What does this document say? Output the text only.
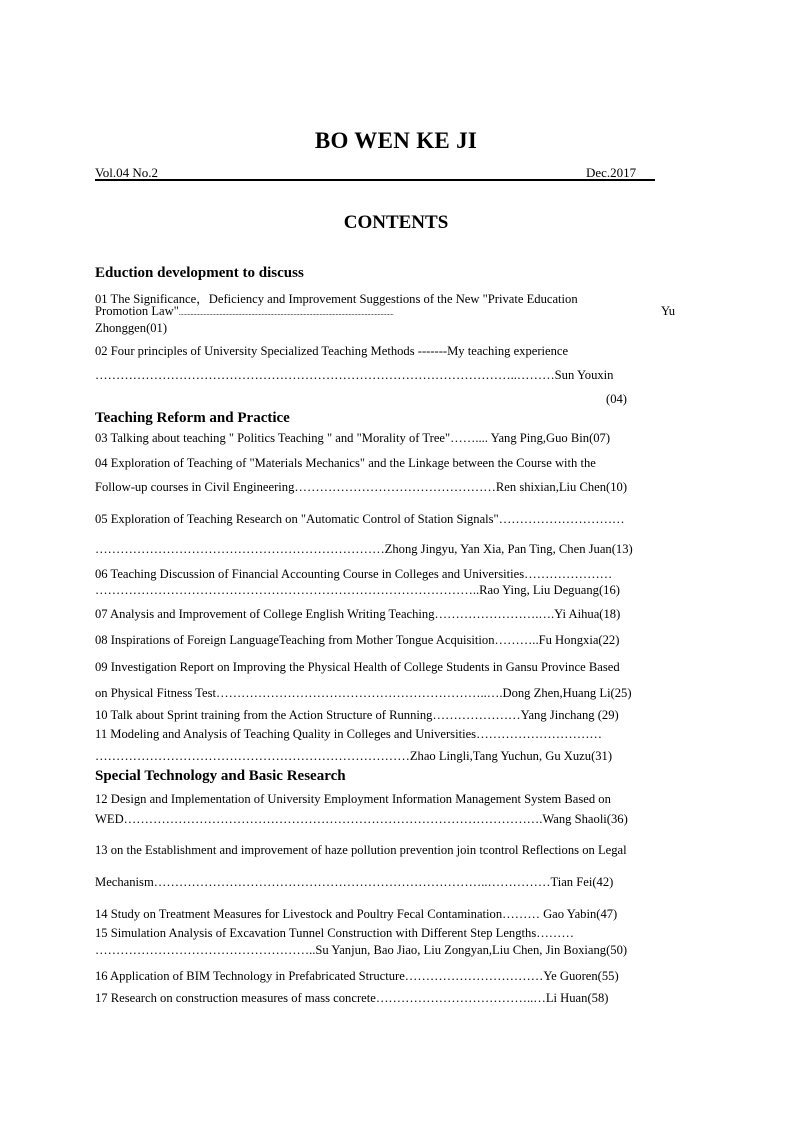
BO WEN KE JI
Vol.04 No.2	Dec.2017
CONTENTS
Eduction development to discuss
01 The Significance，Deficiency and Improvement Suggestions of the New "Private Education
Promotion Law"....................................................................................................................................................	Yu
Zhonggen(01)
02 Four principles of University Specialized Teaching Methods -------My teaching experience
………………………………………………………………………………………..………Sun Youxin
(04)
Teaching Reform and Practice
03 Talking about teaching " Politics Teaching " and "Morality of Tree"…….... Yang Ping,Guo Bin(07)
04 Exploration of Teaching of "Materials Mechanics" and the Linkage between the Course with the
Follow-up courses in Civil Engineering…………………………………………Ren shixian,Liu Chen(10)
05 Exploration of Teaching Research on "Automatic Control of Station Signals"…………………………
……………………………………………………………Zhong Jingyu, Yan Xia, Pan Ting, Chen Juan(13)
06 Teaching Discussion of Financial Accounting Course in Colleges and Universities…………………
………………………………………………………………………………..Rao Ying, Liu Deguang(16)
07 Analysis and Improvement of College English Writing Teaching…………………….….Yi Aihua(18)
08 Inspirations of Foreign LanguageTeaching from Mother Tongue Acquisition………..Fu Hongxia(22)
09 Investigation Report on Improving the Physical Health of College Students in Gansu Province Based
on Physical Fitness Test………………………………………………………..….Dong Zhen,Huang Li(25)
10 Talk about Sprint training from the Action Structure of Running…………………Yang Jinchang (29)
11 Modeling and Analysis of Teaching Quality in Colleges and Universities…………………………
…………………………………………………………………Zhao Lingli,Tang Yuchun, Gu Xuzu(31)
Special Technology and Basic Research
12 Design and Implementation of University Employment Information Management System Based on
WED……………………………………………………………………………………….Wang Shaoli(36)
13 on the Establishment and improvement of haze pollution prevention join tcontrol Reflections on Legal
Mechanism……………………………………………………………………..……………Tian Fei(42)
14 Study on Treatment Measures for Livestock and Poultry Fecal Contamination……… Gao Yabin(47)
15 Simulation Analysis of Excavation Tunnel Construction with Different Step Lengths………
……………………………………………..Su Yanjun, Bao Jiao, Liu Zongyan,Liu Chen, Jin Boxiang(50)
16 Application of BIM Technology in Prefabricated Structure……………………………Ye Guoren(55)
17 Research on construction measures of mass concrete………………………………..…Li Huan(58)
